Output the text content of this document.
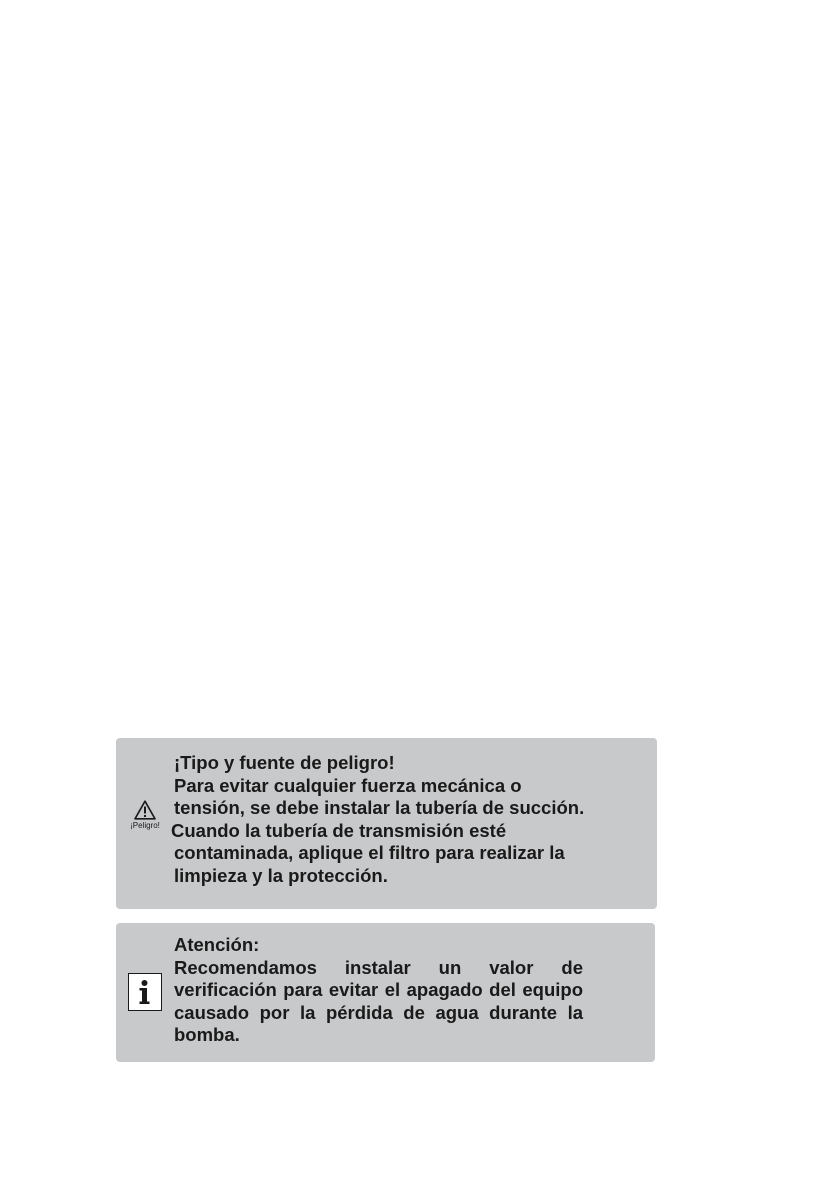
¡Peligro!
¡Tipo y fuente de peligro!
Para evitar cualquier fuerza mecánica o
tensión, se debe instalar la tubería de succión.
Cuando la tubería de transmisión esté
contaminada, aplique el filtro para realizar la
limpieza y la protección.
Atención:
Recomendamos instalar un valor de verificación para evitar el apagado del equipo causado por la pérdida de agua durante la bomba.
